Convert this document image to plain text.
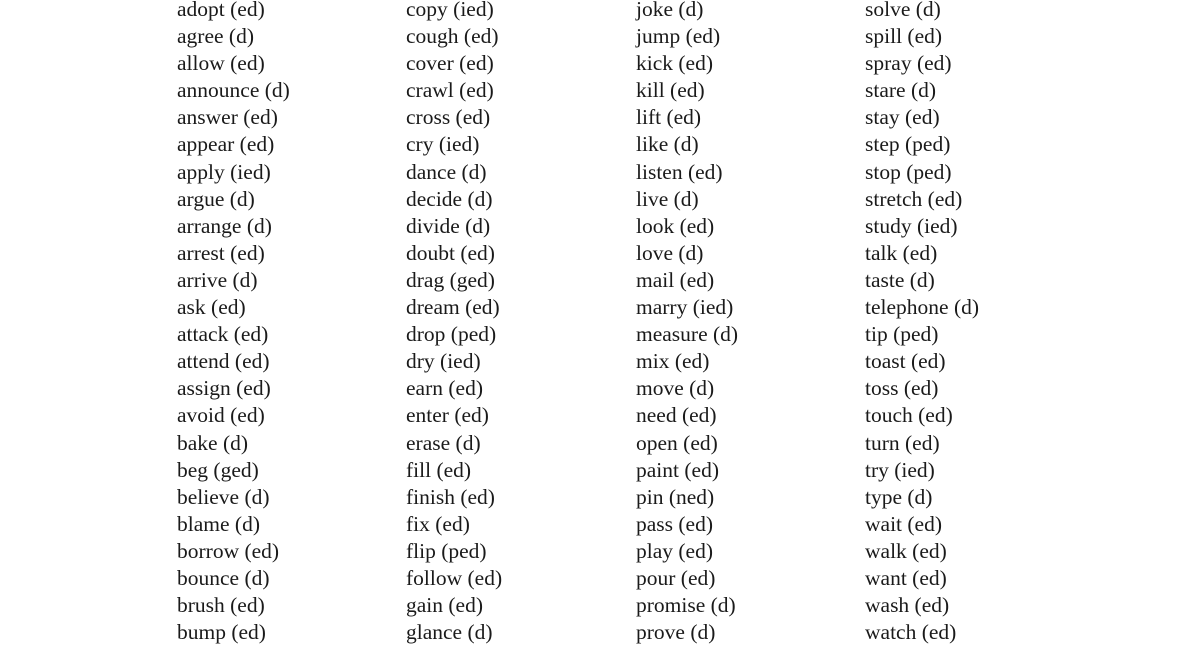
adopt (ed)
agree (d)
allow (ed)
announce (d)
answer (ed)
appear (ed)
apply (ied)
argue (d)
arrange (d)
arrest (ed)
arrive (d)
ask (ed)
attack (ed)
attend (ed)
assign (ed)
avoid (ed)
bake (d)
beg (ged)
believe (d)
blame (d)
borrow (ed)
bounce (d)
brush (ed)
bump (ed)
copy (ied)
cough (ed)
cover (ed)
crawl (ed)
cross (ed)
cry (ied)
dance (d)
decide (d)
divide (d)
doubt (ed)
drag (ged)
dream (ed)
drop (ped)
dry (ied)
earn (ed)
enter (ed)
erase (d)
fill (ed)
finish (ed)
fix (ed)
flip (ped)
follow (ed)
gain (ed)
glance (d)
joke (d)
jump (ed)
kick (ed)
kill (ed)
lift (ed)
like (d)
listen (ed)
live (d)
look (ed)
love (d)
mail (ed)
marry (ied)
measure (d)
mix (ed)
move (d)
need (ed)
open (ed)
paint (ed)
pin (ned)
pass (ed)
play (ed)
pour (ed)
promise (d)
prove (d)
solve (d)
spill (ed)
spray (ed)
stare (d)
stay (ed)
step (ped)
stop (ped)
stretch (ed)
study (ied)
talk (ed)
taste (d)
telephone (d)
tip (ped)
toast (ed)
toss (ed)
touch (ed)
turn (ed)
try (ied)
type (d)
wait (ed)
walk (ed)
want (ed)
wash (ed)
watch (ed)
